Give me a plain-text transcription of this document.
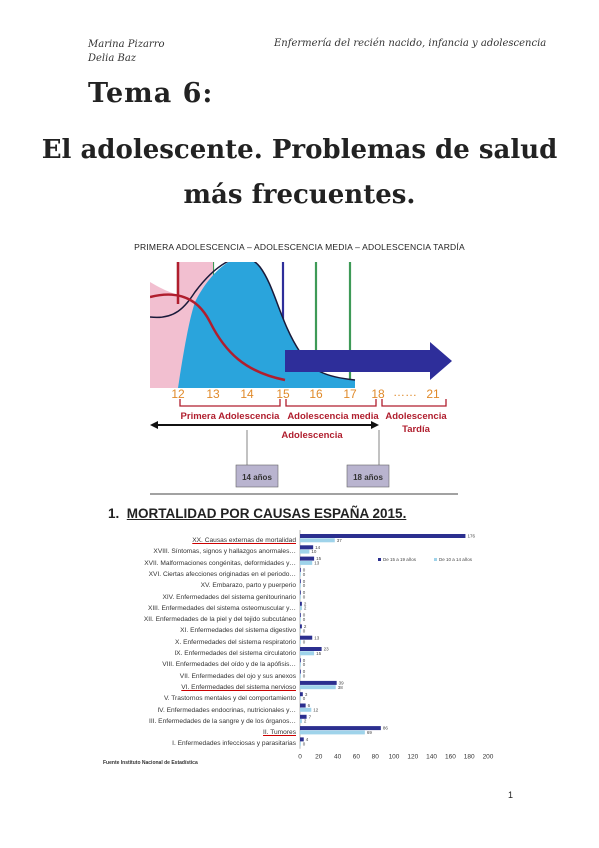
Marina Pizarro
Delia Baz
Enfermería del recién nacido, infancia y adolescencia
Tema 6:
El adolescente. Problemas de salud
más frecuentes.
PRIMERA ADOLESCENCIA – ADOLESCENCIA MEDIA – ADOLESCENCIA TARDÍA
12 13 14 15 16 17 18 …… 21
Primera Adolescencia Adolescencia media Adolescencia
Tardía
Adolescencia
14 años	18 años
1. MORTALIDAD POR CAUSAS ESPAÑA 2015.
XX. Causas externas de mortalidad
XVIII. Síntomas, signos y hallazgos anormales…
XVII. Malformaciones congénitas, deformidades y…
XVI. Ciertas afecciones originadas en el periodo…
XV. Embarazo, parto y puerperio
XIV. Enfermedades del sistema genitourinario
XIII. Enfermedades del sistema osteomuscular y…
XII. Enfermedades de la piel y del tejido subcutáneo
XI. Enfermedades del sistema digestivo
X. Enfermedades del sistema respiratorio
IX. Enfermedades del sistema circulatorio
VIII. Enfermedades del oído y de la apófisis…
VII. Enfermedades del ojo y sus anexos
VI. Enfermedades del sistema nervioso
V. Trastornos mentales y del comportamiento
IV. Enfermedades endocrinas, nutricionales y…
III. Enfermedades de la sangre y de los órganos…
II. Tumores
I. Enfermedades infecciosas y parasitarias
176
37
14
10
15
13
0
0
0
0
0
0
2
2
0
0
2
0
13
0
23
15
0
0
0
0
39
38
3
0
6
12
7
2
86
69
4
0
0 20 40 60 80 100 120 140 160 180 200
De 15 a 19 años	De 10 a 14 años
Fuente Instituto Nacional de Estadística
1
